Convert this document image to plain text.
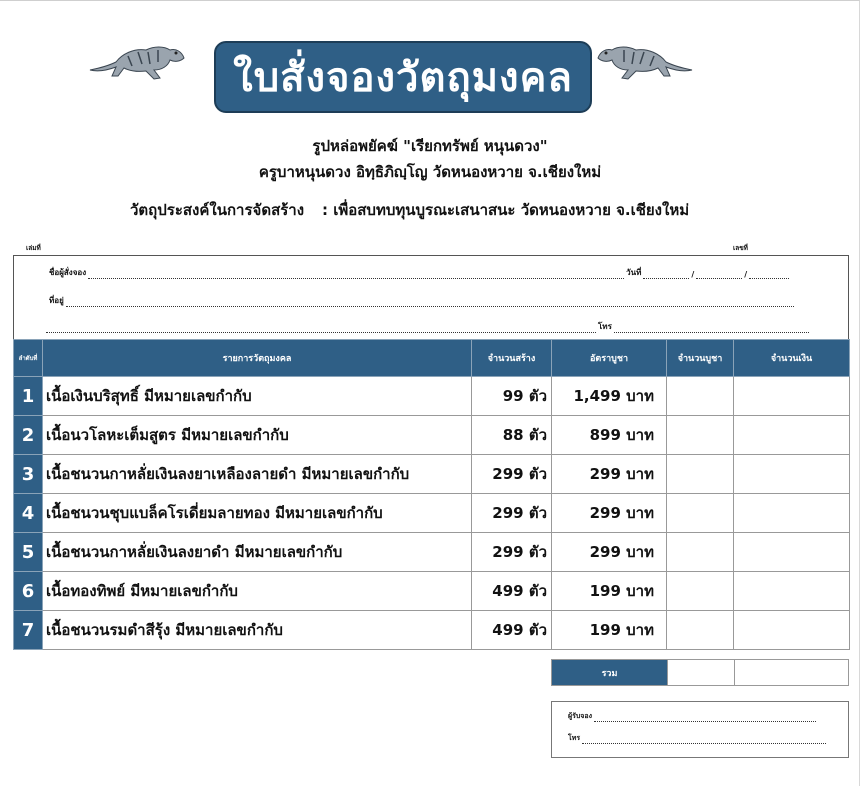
ใบสั่งจองวัตถุมงคล
รูปหล่อพยัคฆ์ "เรียกทรัพย์ หนุนดวง"
ครูบาหนุนดวง อิทฺธิภิญฺโญ วัดหนองหวาย จ.เชียงใหม่
วัตถุประสงค์ในการจัดสร้าง : เพื่อสบทบทุนบูรณะเสนาสนะ วัดหนองหวาย จ.เชียงใหม่
เล่มที่	เลขที่
ชื่อผู้สั่งจอง	วันที่	/	/
ที่อยู่
โทร
ลำดับที่	รายการวัตถุมงคล	จำนวนสร้าง	อัตราบูชา	จำนวนบูชา	จำนวนเงิน
1	เนื้อเงินบริสุทธิ์ มีหมายเลขกำกับ	99 ตัว	1,499 บาท		
2	เนื้อนวโลหะเต็มสูตร มีหมายเลขกำกับ	88 ตัว	899 บาท		
3	เนื้อชนวนกาหลั่ยเงินลงยาเหลืองลายดำ มีหมายเลขกำกับ	299 ตัว	299 บาท		
4	เนื้อชนวนชุบแบล็คโรเดี่ยมลายทอง มีหมายเลขกำกับ	299 ตัว	299 บาท		
5	เนื้อชนวนกาหลั่ยเงินลงยาดำ มีหมายเลขกำกับ	299 ตัว	299 บาท		
6	เนื้อทองทิพย์ มีหมายเลขกำกับ	499 ตัว	199 บาท		
7	เนื้อชนวนรมดำสีรุ้ง มีหมายเลขกำกับ	499 ตัว	199 บาท		
รวม
ผู้รับจอง
โทร
